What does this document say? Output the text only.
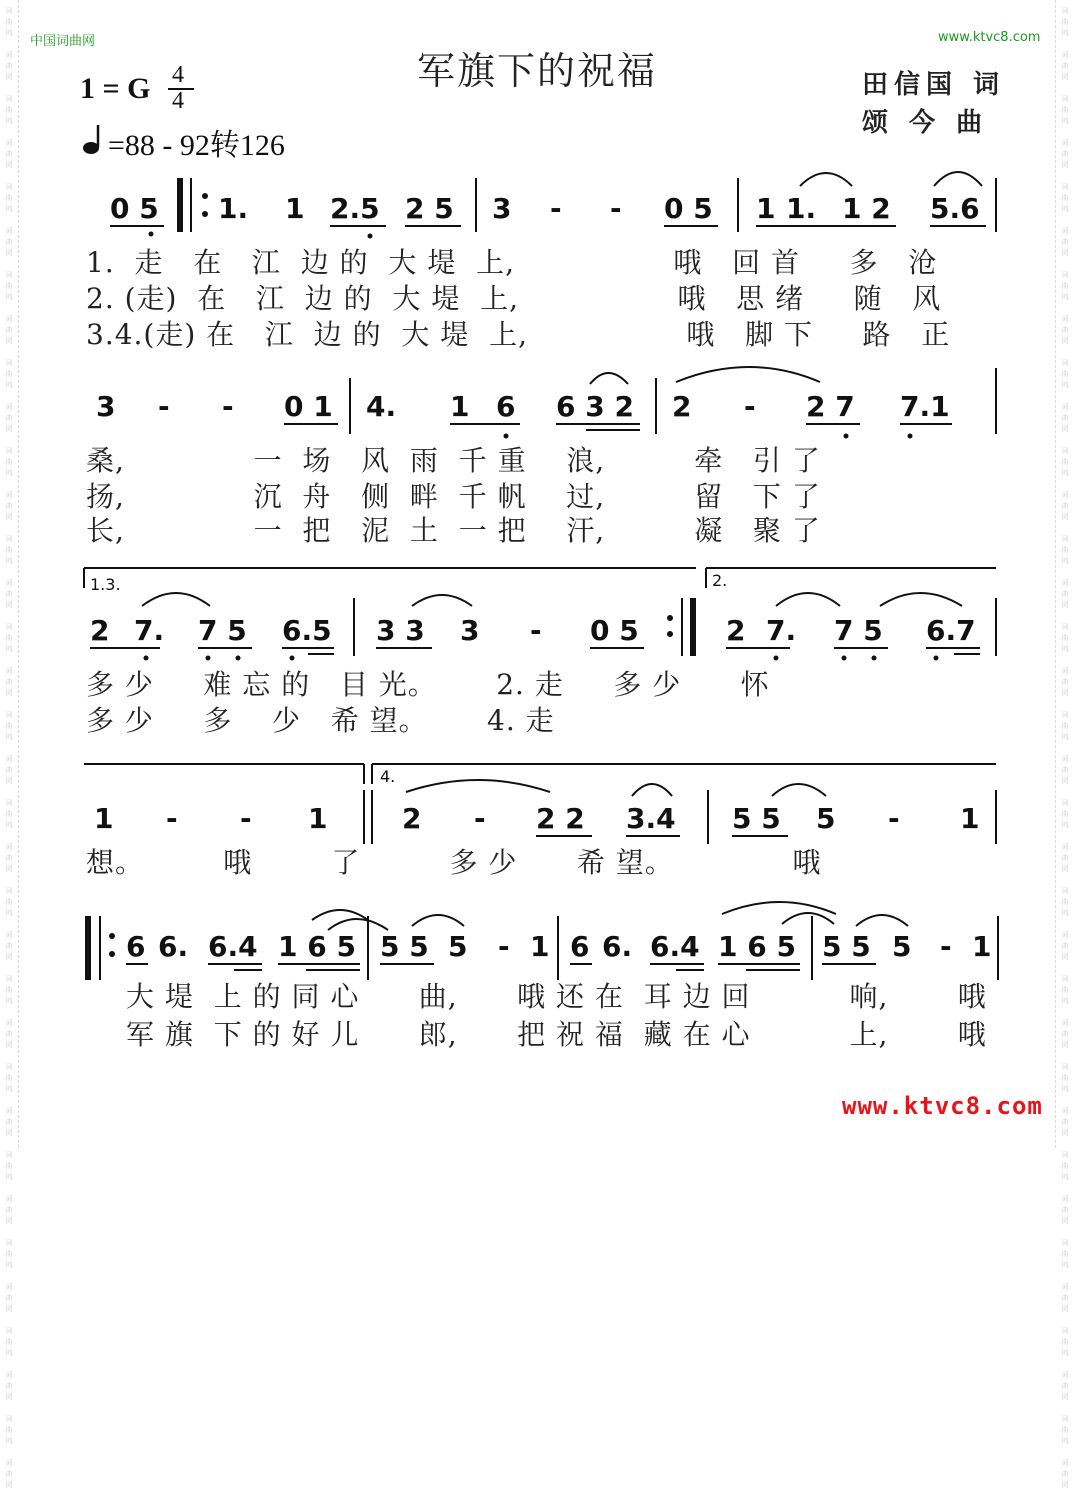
词
曲
网

词
曲
网

词
曲
网

词
曲
网

词
曲
网

词
曲
网

词
曲
网

词
曲
网

词
曲
网

词
曲
网

词
曲
网

词
曲
网

词
曲
网

词
曲
网

词
曲
网

词
曲
网

词
曲
网

词
曲
网

词
曲
网

词
曲
网

词
曲
网

词
曲
网

词
曲
网

词
曲
网

词
曲
网

词
曲
网

词
曲
网

词
曲
网

词
曲
网

词
曲
网

词
曲
网

词
曲
网

词
曲
网

词
曲
网

词
曲
网

词
曲
网

词
曲
网

词
曲
网

词
曲
网

词
曲
网

词
曲
网

词
曲
网

词
曲
网

词
曲
网

词
曲
网

词
曲
网

词
曲
网

词
曲
网

词
曲
网

词
曲
网

词
曲
网

词
曲
网

词
曲
网

词
曲
网

词
曲
网

词
曲
网

词
曲
网

词
曲
网

词
曲
网

词
曲
网

词
曲
网

词
曲
网

词
曲
网

词
曲
网

词
曲
网

词
曲
网

词
曲
网

词
曲
网

中国词曲网	www.ktvc8.com
军旗下的祝福	田信国 词
颂 今 曲
1 = G 4
4
=88 - 92转126
0 5 1. 1 2.5 2 5 3 - - 0 5 1 1. 1 2 5.6
1.  走   在   江  边 的  大 堤  上,                哦   回 首     多   沧
2. (走)  在   江  边 的  大 堤  上,                哦   思 绪     随   风
3.4.(走) 在   江  边 的  大 堤  上,                哦   脚 下     路   正
3 - - 0 1 4. 1 6 6 3 2 2 - 2 7 7.1
桑,             一  场   风  雨  千 重    浪,         牵   引 了
扬,             沉  舟   侧  畔  千 帆    过,         留   下 了
长,             一  把   泥  土  一 把    汗,         凝   聚 了
1.3.	2.
2 7. 7 5 6.5 3 3 3 - 0 5	2 7. 7 5 6.7
多 少     难 忘 的   目 光。      2. 走     多 少      怀
多 少     多    少   希 望。      4. 走
4.
1 - - 1	2 - 2 2 3.4 5 5 5 - 1
想。        哦        了         多 少      希 望。            哦
6 6. 6.4 1 6 5 5 5 5 - 1 6 6. 6.4 1 6 5 5 5 5 - 1
大 堤  上 的 同 心      曲,      哦 还 在  耳 边 回          响,       哦
军 旗  下 的 好 儿      郎,      把 祝 福  藏 在 心          上,       哦
www.ktvc8.com
